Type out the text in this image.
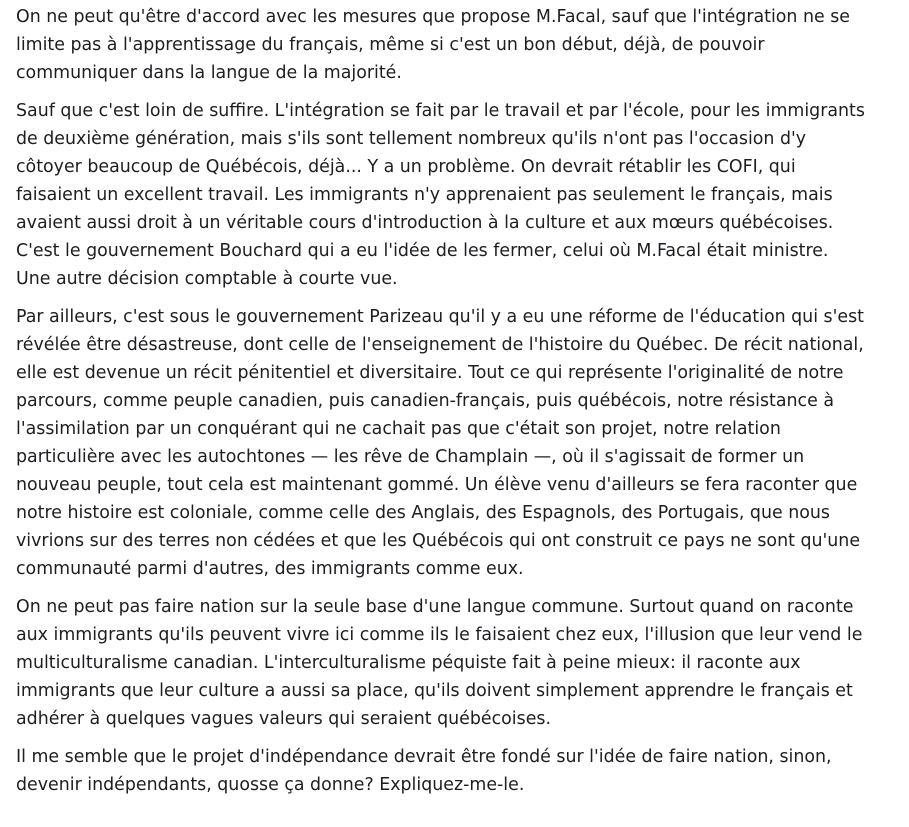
On ne peut qu'être d'accord avec les mesures que propose M.Facal, sauf que l'intégration ne se
limite pas à l'apprentissage du français, même si c'est un bon début, déjà, de pouvoir
communiquer dans la langue de la majorité.

Sauf que c'est loin de suffire. L'intégration se fait par le travail et par l'école, pour les immigrants
de deuxième génération, mais s'ils sont tellement nombreux qu'ils n'ont pas l'occasion d'y
côtoyer beaucoup de Québécois, déjà... Y a un problème. On devrait rétablir les COFI, qui
faisaient un excellent travail. Les immigrants n'y apprenaient pas seulement le français, mais
avaient aussi droit à un véritable cours d'introduction à la culture et aux mœurs québécoises.
C'est le gouvernement Bouchard qui a eu l'idée de les fermer, celui où M.Facal était ministre.
Une autre décision comptable à courte vue.

Par ailleurs, c'est sous le gouvernement Parizeau qu'il y a eu une réforme de l'éducation qui s'est
révélée être désastreuse, dont celle de l'enseignement de l'histoire du Québec. De récit national,
elle est devenue un récit pénitentiel et diversitaire. Tout ce qui représente l'originalité de notre
parcours, comme peuple canadien, puis canadien-français, puis québécois, notre résistance à
l'assimilation par un conquérant qui ne cachait pas que c'était son projet, notre relation
particulière avec les autochtones — les rêve de Champlain —, où il s'agissait de former un
nouveau peuple, tout cela est maintenant gommé. Un élève venu d'ailleurs se fera raconter que
notre histoire est coloniale, comme celle des Anglais, des Espagnols, des Portugais, que nous
vivrions sur des terres non cédées et que les Québécois qui ont construit ce pays ne sont qu'une
communauté parmi d'autres, des immigrants comme eux.

On ne peut pas faire nation sur la seule base d'une langue commune. Surtout quand on raconte
aux immigrants qu'ils peuvent vivre ici comme ils le faisaient chez eux, l'illusion que leur vend le
multiculturalisme canadian. L'interculturalisme péquiste fait à peine mieux: il raconte aux
immigrants que leur culture a aussi sa place, qu'ils doivent simplement apprendre le français et
adhérer à quelques vagues valeurs qui seraient québécoises.

Il me semble que le projet d'indépendance devrait être fondé sur l'idée de faire nation, sinon,
devenir indépendants, quosse ça donne? Expliquez-me-le.
